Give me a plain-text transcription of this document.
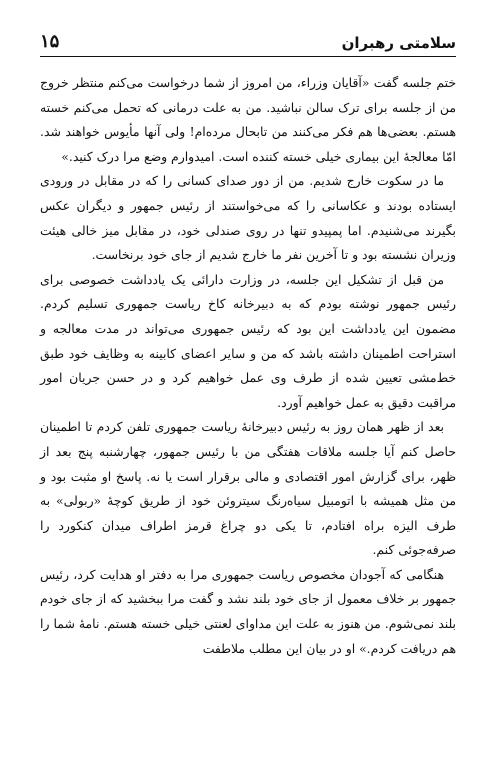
۱۵	سلامتی رهبران

ختم جلسه گفت «آقایان وزراء، من امروز از شما درخواست می‌کنم منتظر خروج من از جلسه برای ترک سالن نباشید. من به علت درمانی که تحمل می‌کنم خسته هستم. بعضی‌ها هم فکر می‌کنند من تابحال مرده‌ام! ولی آنها مأیوس خواهند شد. امّا معالجهٔ این بیماری خیلی خسته کننده است. امیدوارم وضع مرا درک کنید.»

ما در سکوت خارج شدیم. من از دور صدای کسانی را که در مقابل در ورودی ایستاده بودند و عکاسانی را که می‌خواستند از رئیس جمهور و دیگران عکس بگیرند می‌شنیدم. اما پمپیدو تنها در روی صندلی خود، در مقابل میز خالی هیئت وزیران نشسته بود و تا آخرین نفر ما خارج شدیم از جای خود برنخاست.

من قبل از تشکیل این جلسه، در وزارت دارائی یک یادداشت خصوصی برای رئیس جمهور نوشته بودم که به دبیرخانه کاخ ریاست جمهوری تسلیم کردم. مضمون این یادداشت این بود که رئیس جمهوری می‌تواند در مدت معالجه و استراحت اطمینان داشته باشد که من و سایر اعضای کابینه به وظایف خود طبق خط‌مشی تعیین شده از طرف وی عمل خواهیم کرد و در حسن جریان امور مراقبت دقیق به عمل خواهیم آورد.

بعد از ظهر همان روز به رئیس دبیرخانهٔ ریاست جمهوری تلفن کردم تا اطمینان حاصل کنم آیا جلسه ملاقات هفتگی من با رئیس جمهور، چهارشنبه پنج بعد از ظهر، برای گزارش امور اقتصادی و مالی برقرار است یا نه. پاسخ او مثبت بود و من مثل همیشه با اتومبیل سیاه‌رنگ سیتروئن خود از طریق کوچهٔ «ربولی» به طرف الیزه براه افتادم، تا یکی دو چراغ قرمز اطراف میدان کنکورد را صرفه‌جوئی کنم.

هنگامی که آجودان مخصوص ریاست جمهوری مرا به دفتر او هدایت کرد، رئیس جمهور بر خلاف معمول از جای خود بلند نشد و گفت مرا ببخشید که از جای خودم بلند نمی‌شوم. من هنوز به علت این مداوای لعنتی خیلی خسته هستم. نامهٔ شما را هم دریافت کردم.» او در بیان این مطلب ملاطفت
